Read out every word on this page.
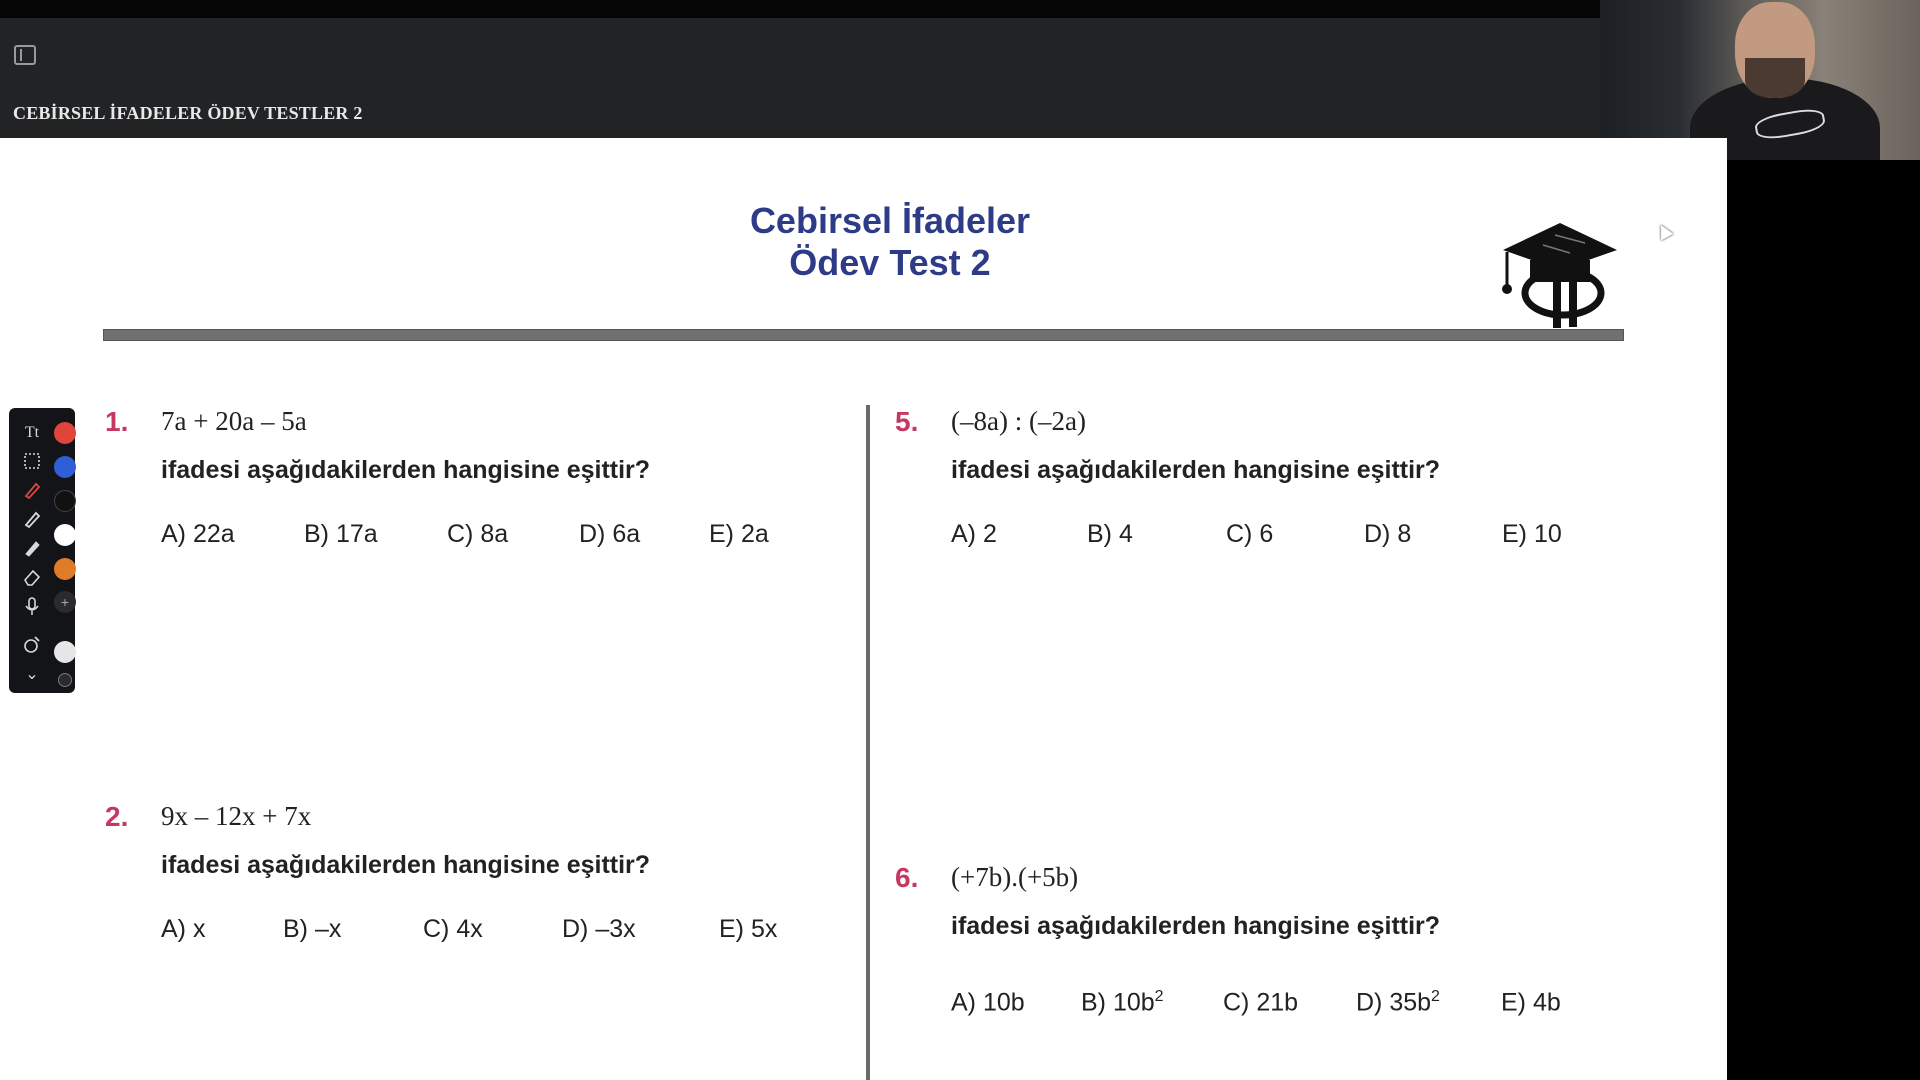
CEBİRSEL İFADELER ÖDEV TESTLER 2
Cebirsel İfadeler
Ödev Test 2
1. 7a + 20a – 5a
ifadesi aşağıdakilerden hangisine eşittir?
A) 22a	B) 17a	C) 8a	D) 6a	E) 2a
2. 9x – 12x + 7x
ifadesi aşağıdakilerden hangisine eşittir?
A) x	B) –x	C) 4x	D) –3x	E) 5x
5. (–8a) : (–2a)
ifadesi aşağıdakilerden hangisine eşittir?
A) 2	B) 4	C) 6	D) 8	E) 10
6. (+7b).(+5b)
ifadesi aşağıdakilerden hangisine eşittir?
A) 10b B) $10b^2$ C) 21b D) $35b^2$ E) 4b
Tt
⌄
+
